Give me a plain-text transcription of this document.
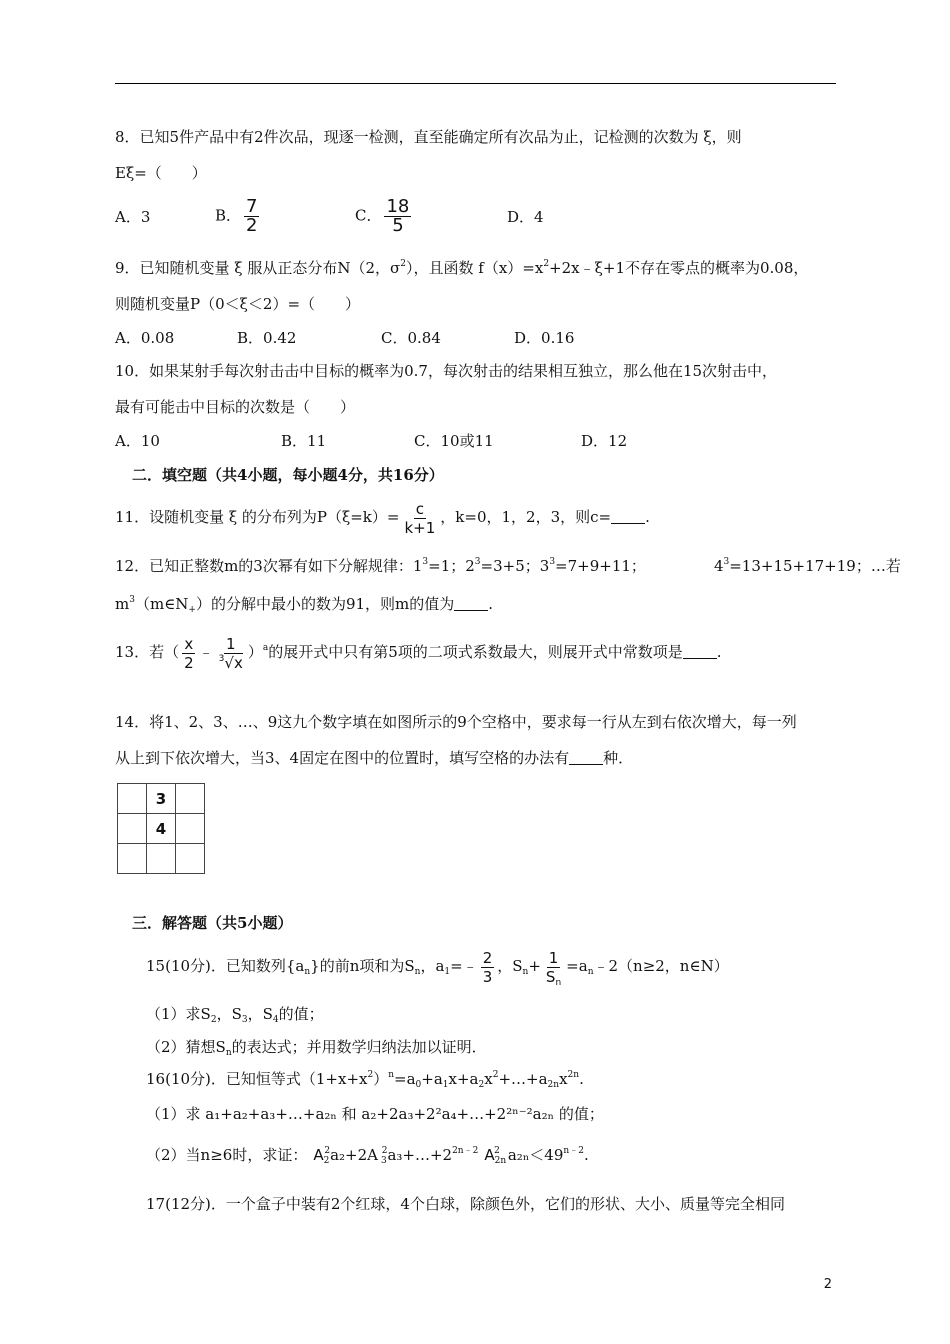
8．已知5件产品中有2件次品，现逐一检测，直至能确定所有次品为止，记检测的次数为 ξ，则
Eξ=（　　）
A．3	B． $\frac{7}{2}$	C． $\frac{18}{5}$	D．4
9．已知随机变量 ξ 服从正态分布N（2，$\sigma^2$），且函数 $f(x)=x^2+2x﹣\xi+1$不存在零点的概率为0.08，
则随机变量P（0＜ξ＜2）=（　　）
A．0.08	B．0.42	C．0.84	D．0.16
10．如果某射手每次射击击中目标的概率为0.7，每次射击的结果相互独立，那么他在15次射击中，
最有可能击中目标的次数是（　　）
A．10	B．11	C．10或11	D．12
二．填空题（共4小题，每小题4分，共16分）
11．设随机变量 ξ 的分布列为$P(\xi=k)= \frac{c}{k+1}$ ，k=0，1，2，3，则c= .
12．已知正整数m的3次幂有如下分解规律：$1^3=1$；$2^3=3+5$；$3^3=7+9+11$；	$4^3=13+15+17+19$；…若
$m^3(m\in N_+)$的分解中最小的数为91，则m的值为 .
13．若（ $\frac{x}{2}$ ﹣ $\frac{1}{^3√x} )^a$的展开式中只有第5项的二项式系数最大，则展开式中常数项是 .
14．将1、2、3、…、9这九个数字填在如图所示的9个空格中，要求每一行从左到右依次增大，每一列
从上到下依次增大，当3、4固定在图中的位置时，填写空格的办法有 种．
	3	
	4	

三．解答题（共5小题）
15(10分)．已知数列$\{a_n\}$的前n项和为$S_n$，$a_1=﹣ \frac{2}{3}$ ，$S_n+ \frac{1}{S_n}$ $=a_n﹣2(n\ge 2$，n∈N）
（1）求$S_2$，$S_3$，$S_4$的值；
（2）猜想$S_n$的表达式；并用数学归纳法加以证明．
16(10分)．已知恒等式$(1+x+x^2)^n=a_0+a_1x+a_2x^2+\dots+a_{2n}x^{2n}$.
（1）求 a₁+a₂+a₃+…+a₂ₙ 和 a₂+2a₃+2²a₄+…+2²ⁿ⁻²a₂ₙ 的值；
（2）当n≥6时，求证： $A_2^2a_2+2A$ $_3^2a_3+\dots+2^{2n﹣2}$ $A_{2n}^2$ $a_{2n}<49^{n﹣2}$.
17(12分)．一个盒子中装有2个红球，4个白球，除颜色外，它们的形状、大小、质量等完全相同
2
